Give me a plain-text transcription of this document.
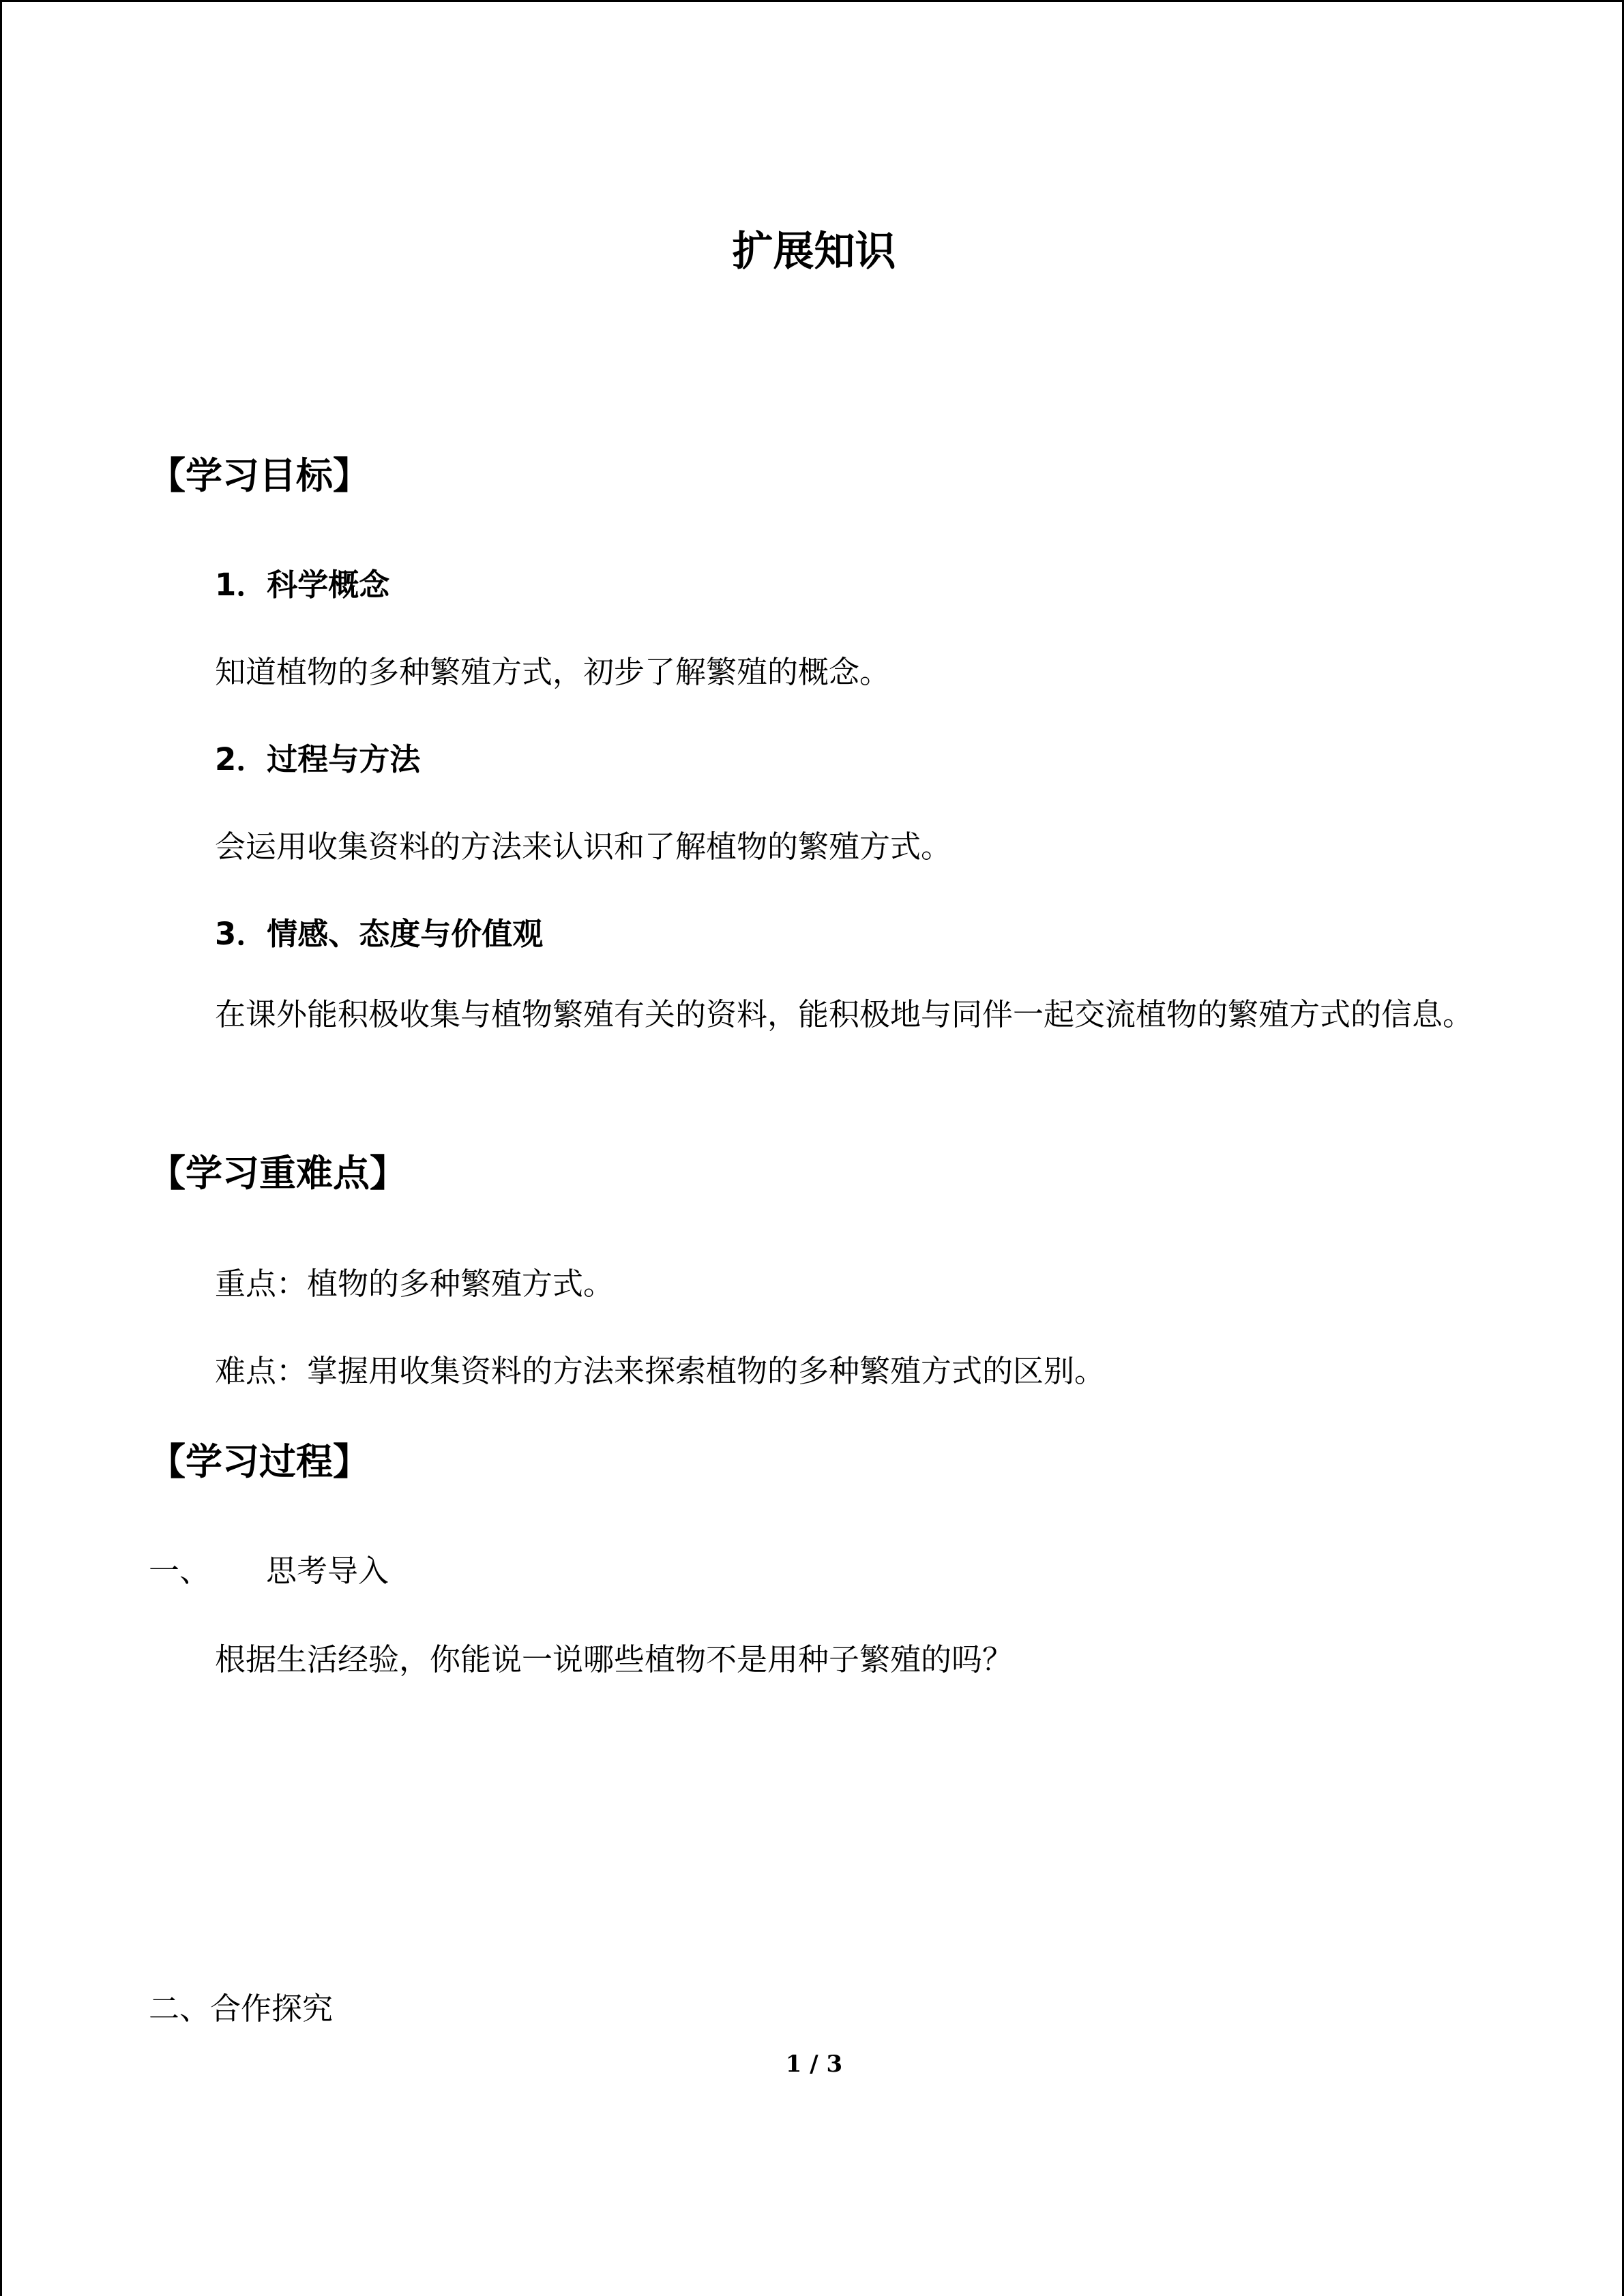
扩展知识
【学习目标】
1．科学概念
知道植物的多种繁殖方式，初步了解繁殖的概念。
2．过程与方法
会运用收集资料的方法来认识和了解植物的繁殖方式。
3．情感、态度与价值观
在课外能积极收集与植物繁殖有关的资料，能积极地与同伴一起交流植物的繁殖方式的信息。
【学习重难点】
重点：植物的多种繁殖方式。
难点：掌握用收集资料的方法来探索植物的多种繁殖方式的区别。
【学习过程】
一、 思考导入
根据生活经验，你能说一说哪些植物不是用种子繁殖的吗？
二、合作探究
1 / 3
